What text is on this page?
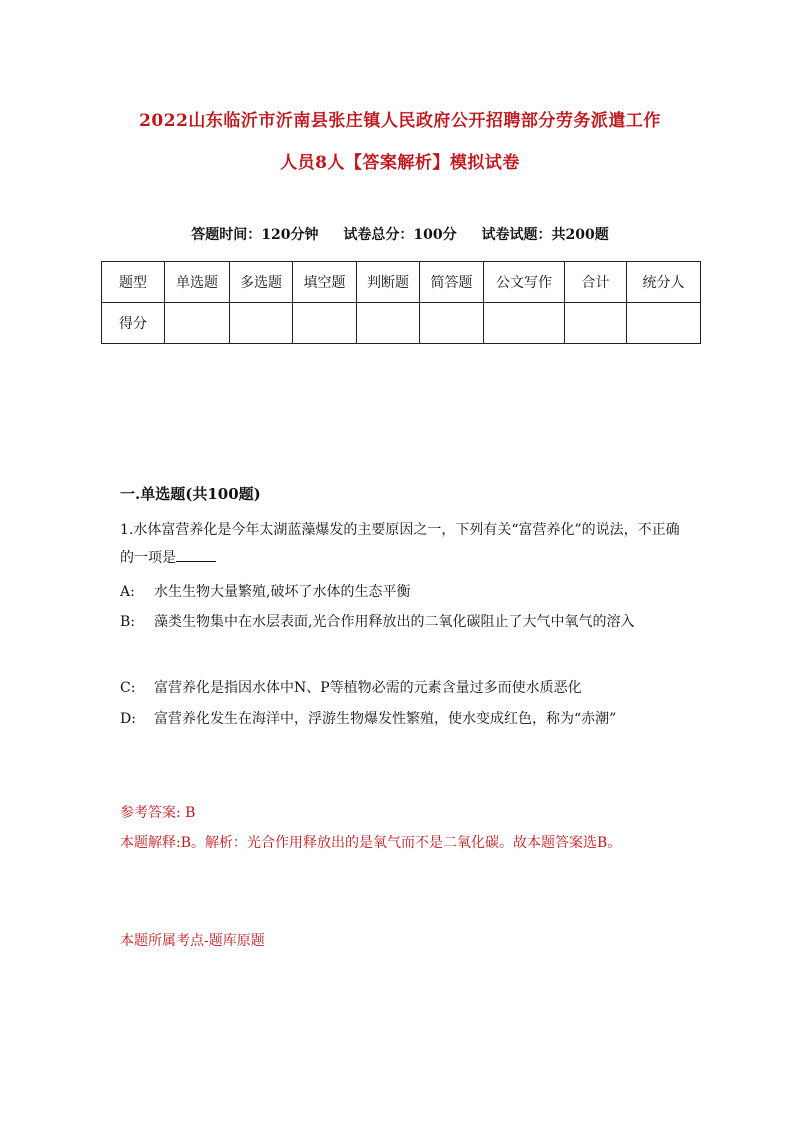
2022山东临沂市沂南县张庄镇人民政府公开招聘部分劳务派遣工作
人员8人【答案解析】模拟试卷
答题时间：120分钟 试卷总分：100分 试卷试题：共200题
题型	单选题	多选题	填空题	判断题	简答题	公文写作	合计	统分人
得分								
一.单选题(共100题)
1.水体富营养化是今年太湖蓝藻爆发的主要原因之一，下列有关“富营养化”的说法，不正确的一项是
A: 水生生物大量繁殖,破坏了水体的生态平衡
B: 藻类生物集中在水层表面,光合作用释放出的二氧化碳阻止了大气中氧气的溶入
C: 富营养化是指因水体中N、P等植物必需的元素含量过多而使水质恶化
D: 富营养化发生在海洋中，浮游生物爆发性繁殖，使水变成红色，称为“赤潮”
参考答案: B
本题解释:B。解析：光合作用释放出的是氧气而不是二氧化碳。故本题答案选B。
本题所属考点-题库原题
